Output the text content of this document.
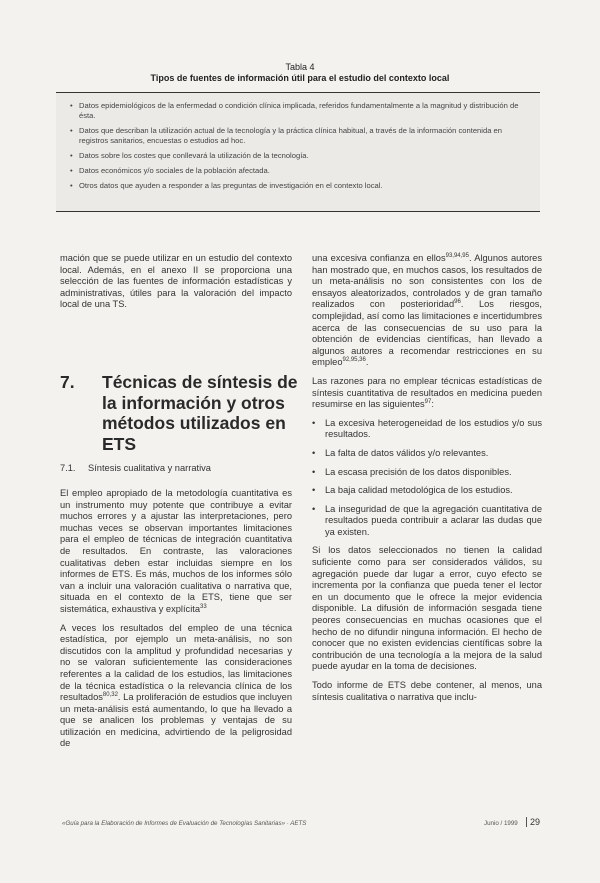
Tabla 4
Tipos de fuentes de información útil para el estudio del contexto local
• Datos epidemiológicos de la enfermedad o condición clínica implicada, referidos fundamentalmente a la magnitud y distribución de ésta.
• Datos que describan la utilización actual de la tecnología y la práctica clínica habitual, a través de la información contenida en registros sanitarios, encuestas o estudios ad hoc.
• Datos sobre los costes que conllevará la utilización de la tecnología.
• Datos económicos y/o sociales de la población afectada.
• Otros datos que ayuden a responder a las preguntas de investigación en el contexto local.

mación que se puede utilizar en un estudio del contexto local. Además, en el anexo II se proporciona una selección de las fuentes de información estadísticas y administrativas, útiles para la valoración del impacto local de una TS.

7. Técnicas de síntesis de la información y otros métodos utilizados en ETS
7.1. Síntesis cualitativa y narrativa

El empleo apropiado de la metodología cuantitativa es un instrumento muy potente que contribuye a evitar muchos errores y a ajustar las interpretaciones, pero muchas veces se observan importantes limitaciones para el empleo de técnicas de integración cuantitativa de resultados. En contraste, las valoraciones cualitativas deben estar incluidas siempre en los informes de ETS. Es más, muchos de los informes sólo van a incluir una valoración cualitativa o narrativa que, situada en el contexto de la ETS, tiene que ser sistemática, exhaustiva y explícita$^{33}$

A veces los resultados del empleo de una técnica estadística, por ejemplo un meta-análisis, no son discutidos con la amplitud y profundidad necesarias y no se valoran suficientemente las consideraciones referentes a la calidad de los estudios, las limitaciones de la técnica estadística o la relevancia clínica de los resultados$^{80,32}$. La proliferación de estudios que incluyen un meta-análisis está aumentando, lo que ha llevado a que se analicen los problemas y ventajas de su utilización en medicina, advirtiendo de la peligrosidad de

una excesiva confianza en ellos$^{93,94,95}$. Algunos autores han mostrado que, en muchos casos, los resultados de un meta-análisis no son consistentes con los de ensayos aleatorizados, controlados y de gran tamaño realizados con posterioridad$^{96}$. Los riesgos, complejidad, así como las limitaciones e incertidumbres acerca de las consecuencias de su uso para la obtención de evidencias científicas, han llevado a algunos autores a recomendar restricciones en su empleo$^{92,95,36}$.

Las razones para no emplear técnicas estadísticas de síntesis cuantitativa de resultados en medicina pueden resumirse en las siguientes$^{97}$:

• La excesiva heterogeneidad de los estudios y/o sus resultados.
• La falta de datos válidos y/o relevantes.
• La escasa precisión de los datos disponibles.
• La baja calidad metodológica de los estudios.
• La inseguridad de que la agregación cuantitativa de resultados pueda contribuir a aclarar las dudas que ya existen.

Si los datos seleccionados no tienen la calidad suficiente como para ser considerados válidos, su agregación puede dar lugar a error, cuyo efecto se incrementa por la confianza que pueda tener el lector en un documento que le ofrece la mejor evidencia disponible. La difusión de información sesgada tiene peores consecuencias en muchas ocasiones que el hecho de no difundir ninguna información. El hecho de conocer que no existen evidencias científicas sobre la contribución de una tecnología a la mejora de la salud puede ayudar en la toma de decisiones.

Todo informe de ETS debe contener, al menos, una síntesis cualitativa o narrativa que inclu-

«Guía para la Elaboración de Informes de Evaluación de Tecnologías Sanitarias» · AETS	Junio / 1999	29
